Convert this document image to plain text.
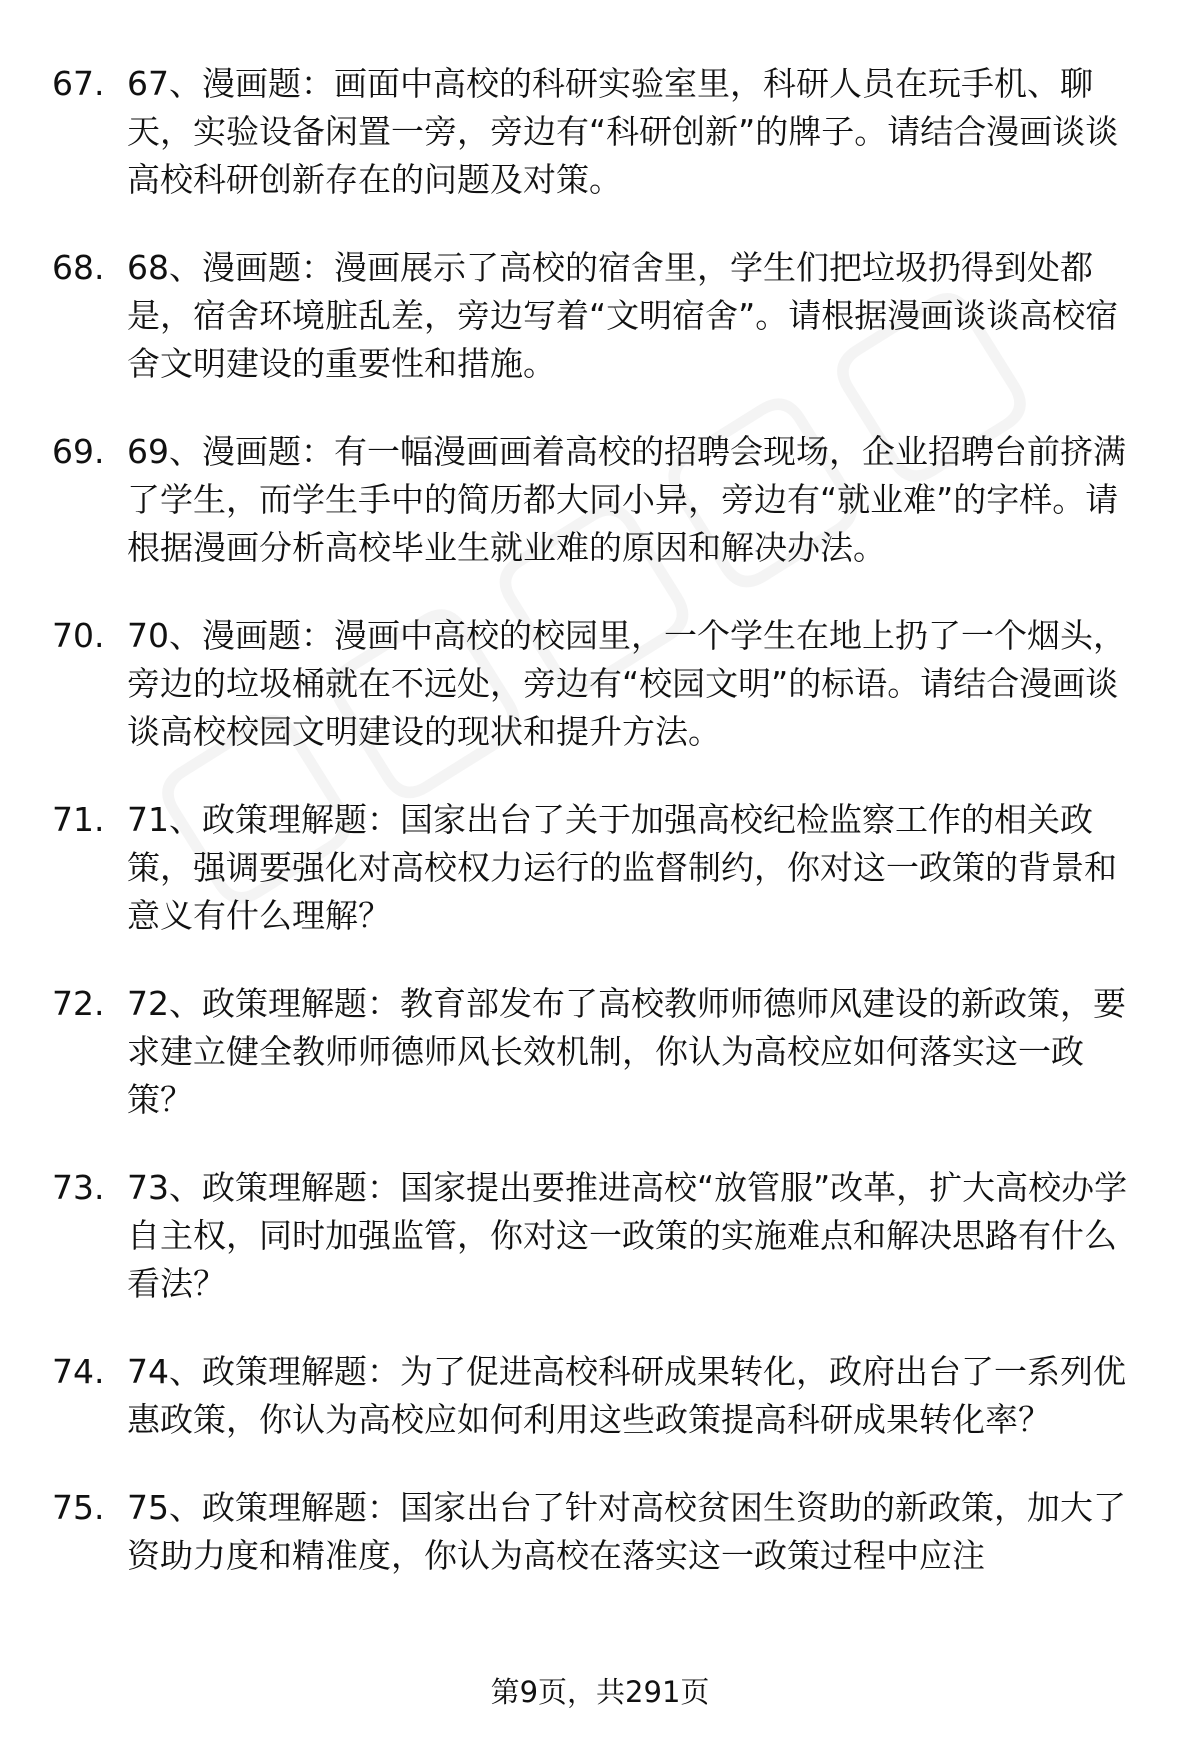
67. 67、漫画题：画面中高校的科研实验室里，科研人员在玩手机、聊天，实验设备闲置一旁，旁边有“科研创新”的牌子。请结合漫画谈谈高校科研创新存在的问题及对策。
68. 68、漫画题：漫画展示了高校的宿舍里，学生们把垃圾扔得到处都是，宿舍环境脏乱差，旁边写着“文明宿舍”。请根据漫画谈谈高校宿舍文明建设的重要性和措施。
69. 69、漫画题：有一幅漫画画着高校的招聘会现场，企业招聘台前挤满了学生，而学生手中的简历都大同小异，旁边有“就业难”的字样。请根据漫画分析高校毕业生就业难的原因和解决办法。
70. 70、漫画题：漫画中高校的校园里，一个学生在地上扔了一个烟头，旁边的垃圾桶就在不远处，旁边有“校园文明”的标语。请结合漫画谈谈高校校园文明建设的现状和提升方法。
71. 71、政策理解题：国家出台了关于加强高校纪检监察工作的相关政策，强调要强化对高校权力运行的监督制约，你对这一政策的背景和意义有什么理解？
72. 72、政策理解题：教育部发布了高校教师师德师风建设的新政策，要求建立健全教师师德师风长效机制，你认为高校应如何落实这一政策？
73. 73、政策理解题：国家提出要推进高校“放管服”改革，扩大高校办学自主权，同时加强监管，你对这一政策的实施难点和解决思路有什么看法？
74. 74、政策理解题：为了促进高校科研成果转化，政府出台了一系列优惠政策，你认为高校应如何利用这些政策提高科研成果转化率？
75. 75、政策理解题：国家出台了针对高校贫困生资助的新政策，加大了资助力度和精准度，你认为高校在落实这一政策过程中应注
第9页，共291页
